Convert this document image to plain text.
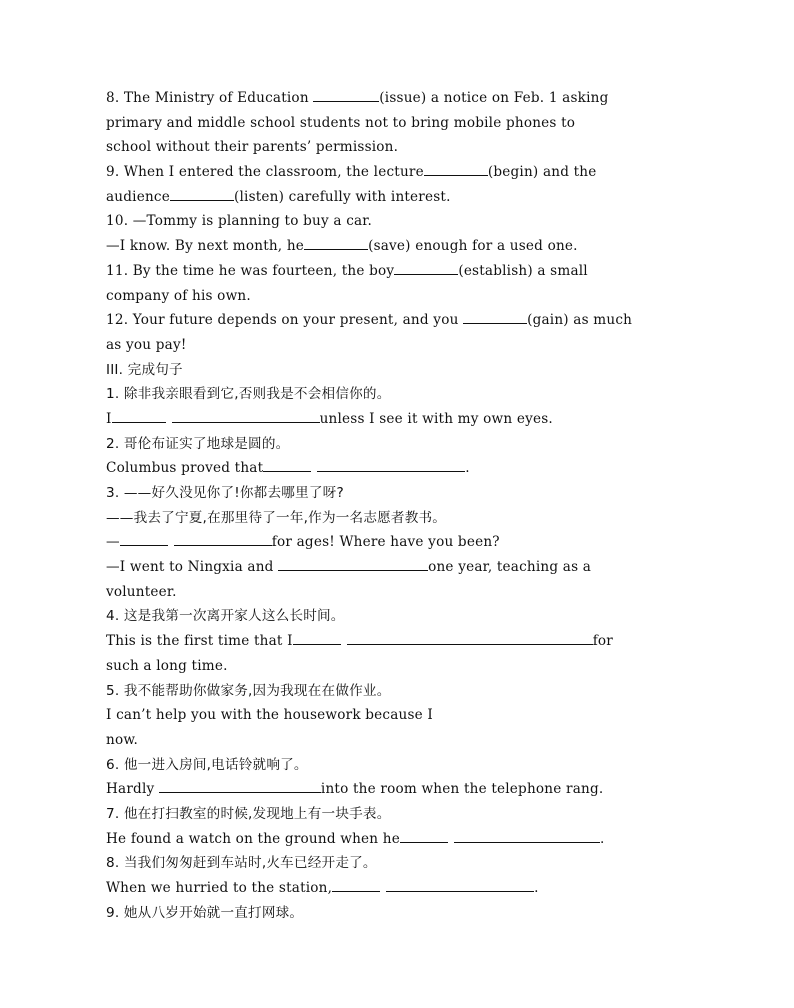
8. The Ministry of Education	(issue) a notice on Feb. 1 asking
primary and middle school students not to bring mobile phones to
school without their parents’ permission.
9. When I entered the classroom, the lecture	(begin) and the
audience	(listen) carefully with interest.
10. —Tommy is planning to buy a car.
—I know. By next month, he	(save) enough for a used one.
11. By the time he was fourteen, the boy	(establish) a small
company of his own.
12. Your future depends on your present, and you	(gain) as much
as you pay!
III. 完成句子
1. 除非我亲眼看到它,否则我是不会相信你的。
I	unless I see it with my own eyes.
2. 哥伦布证实了地球是圆的。
Columbus proved that	.
3. ——好久没见你了!你都去哪里了呀?
——我去了宁夏,在那里待了一年,作为一名志愿者教书。
—	for ages! Where have you been?
—I went to Ningxia and	one year, teaching as a
volunteer.
4. 这是我第一次离开家人这么长时间。
This is the first time that I	for
such a long time.
5. 我不能帮助你做家务,因为我现在在做作业。
I can’t help you with the housework because I
now.
6. 他一进入房间,电话铃就响了。
Hardly	into the room when the telephone rang.
7. 他在打扫教室的时候,发现地上有一块手表。
He found a watch on the ground when he	.
8. 当我们匆匆赶到车站时,火车已经开走了。
When we hurried to the station,	.
9. 她从八岁开始就一直打网球。
